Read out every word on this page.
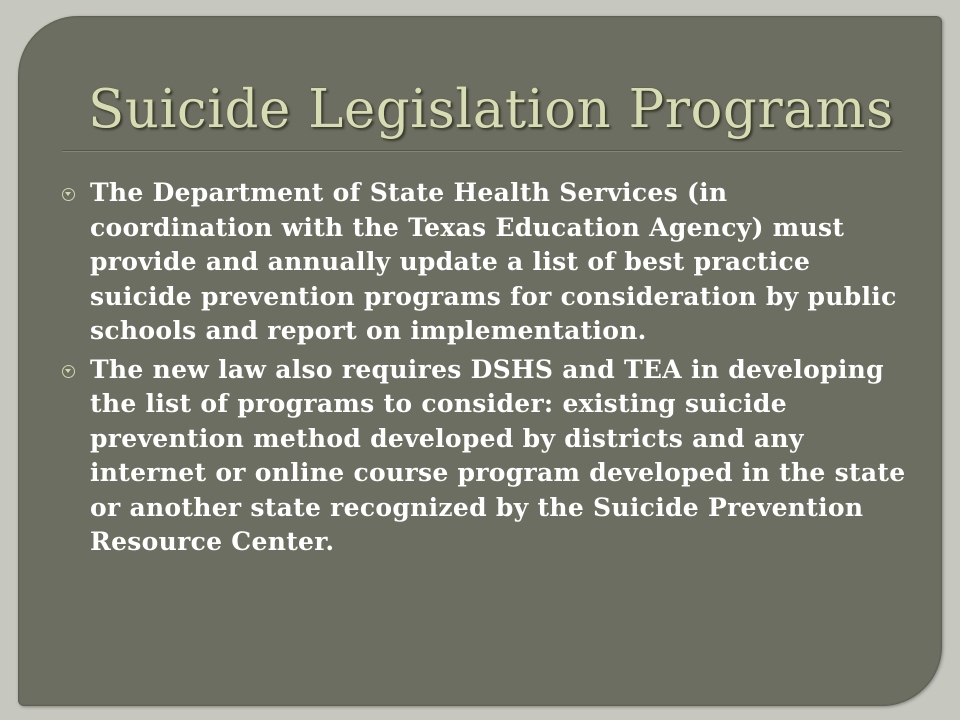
Suicide Legislation Programs
The Department of State Health Services (in coordination with the Texas Education Agency) must provide and annually update a list of best practice suicide prevention programs for consideration by public schools and report on implementation.
The new law also requires DSHS and TEA in developing the list of programs to consider: existing suicide prevention method developed by districts and any internet or online course program developed in the state or another state recognized by the Suicide Prevention Resource Center.
